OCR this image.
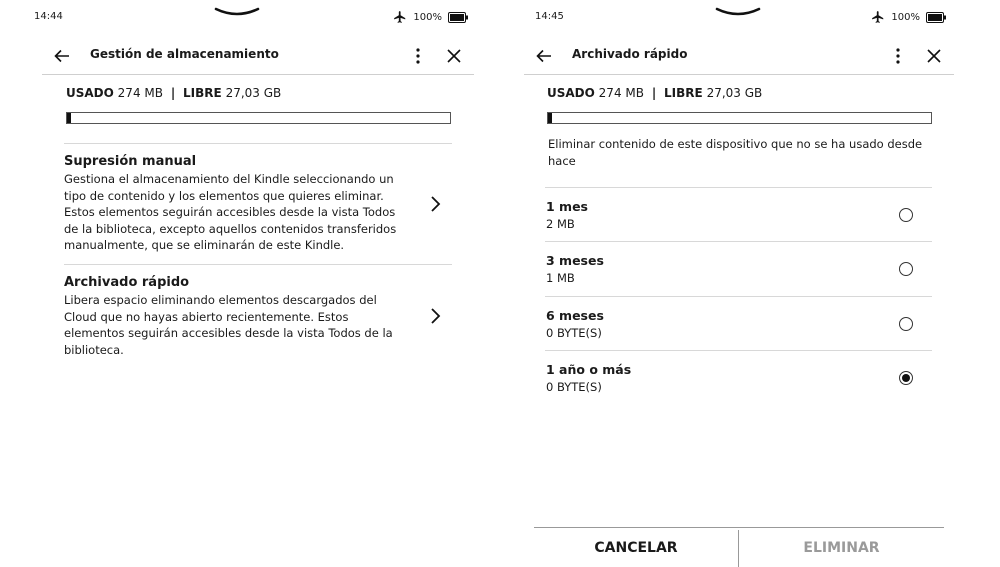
14:44	100%
Gestión de almacenamiento
USADO 274 MB | LIBRE 27,03 GB
Supresión manual
Gestiona el almacenamiento del Kindle seleccionando un tipo de contenido y los elementos que quieres eliminar. Estos elementos seguirán accesibles desde la vista Todos de la biblioteca, excepto aquellos contenidos transferidos manualmente, que se eliminarán de este Kindle.
Archivado rápido
Libera espacio eliminando elementos descargados del Cloud que no hayas abierto recientemente. Estos elementos seguirán accesibles desde la vista Todos de la biblioteca.
14:45	100%
Archivado rápido
USADO 274 MB | LIBRE 27,03 GB
Eliminar contenido de este dispositivo que no se ha usado desde hace
1 mes
2 MB
3 meses
1 MB
6 meses
0 BYTE(S)
1 año o más
0 BYTE(S)
CANCELAR	ELIMINAR
